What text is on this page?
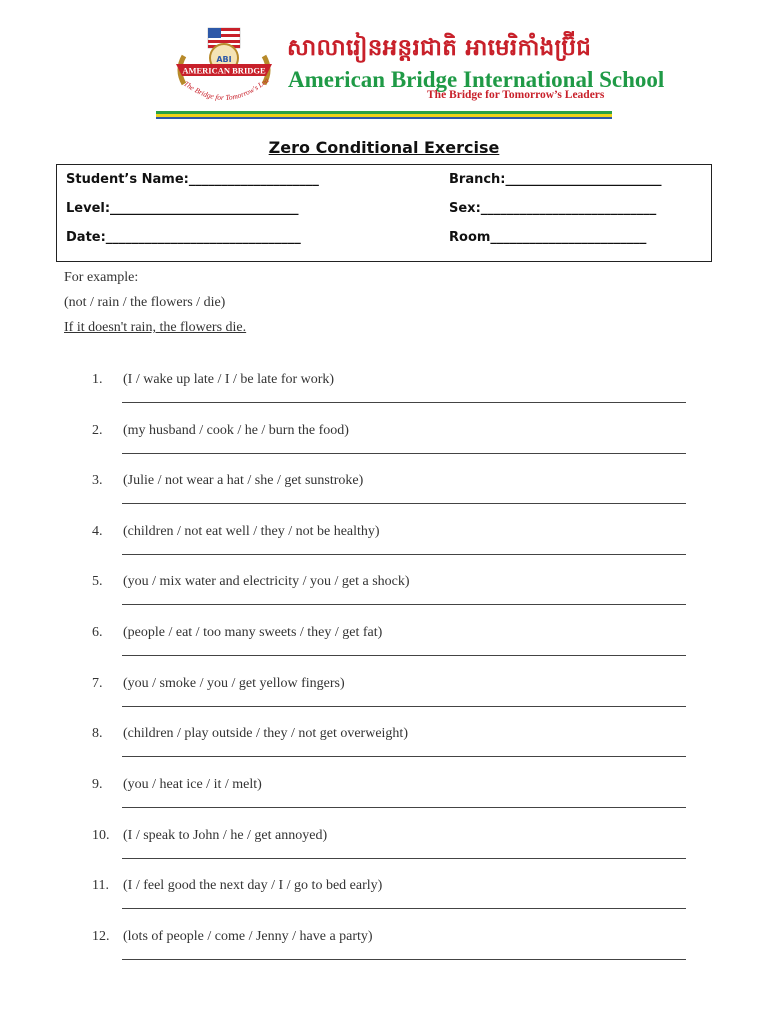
ABI
AMERICAN BRIDGE
The Bridge for Tomorrow's Lea
សាលារៀនអន្តរជាតិ អាមេរិកាំងប្រ៊ីជ
American Bridge International School
The Bridge for Tomorrow’s Leaders
Zero Conditional Exercise
Student’s Name:____________________
Level:_____________________________
Date:______________________________
Branch:________________________
Sex:___________________________
Room________________________
For example:
(not / rain / the flowers / die)
If it doesn't rain, the flowers die.
1.	(I / wake up late / I / be late for work)
2.	(my husband / cook / he / burn the food)
3.	(Julie / not wear a hat / she / get sunstroke)
4.	(children / not eat well / they / not be healthy)
5.	(you / mix water and electricity / you / get a shock)
6.	(people / eat / too many sweets / they / get fat)
7.	(you / smoke / you / get yellow fingers)
8.	(children / play outside / they / not get overweight)
9.	(you / heat ice / it / melt)
10. (I / speak to John / he / get annoyed)
11.	(I / feel good the next day / I / go to bed early)
12. (lots of people / come / Jenny / have a party)
